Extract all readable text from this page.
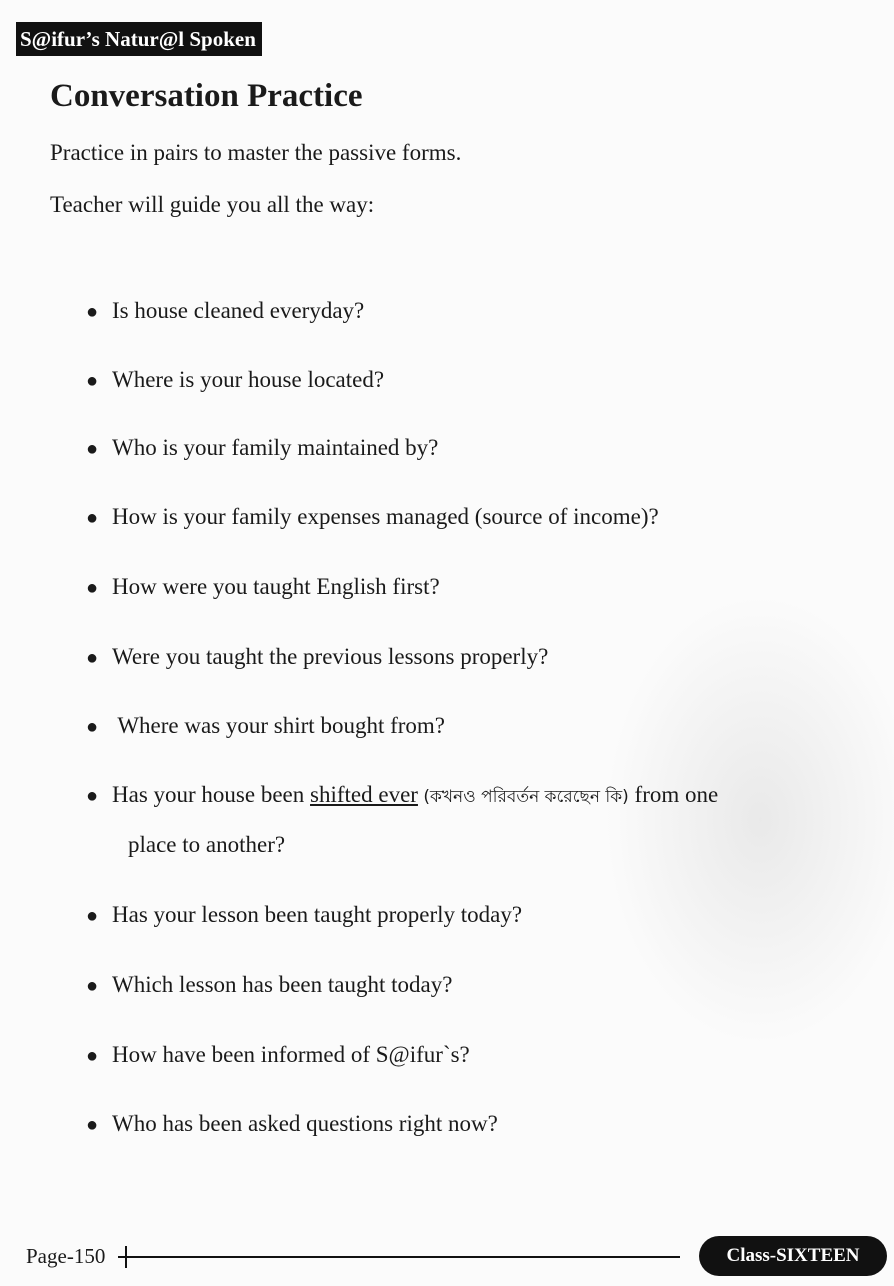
S@ifur’s Natur@l Spoken
Conversation Practice

Practice in pairs to master the passive forms.

Teacher will guide you all the way:

● Is house cleaned everyday?
● Where is your house located?
● Who is your family maintained by?
● How is your family expenses managed (source of income)?
● How were you taught English first?
● Were you taught the previous lessons properly?
● Where was your shirt bought from?
● Has your house been shifted ever (কখনও পরিবর্তন করেছেন কি) from one
place to another?
● Has your lesson been taught properly today?
● Which lesson has been taught today?
● How have been informed of S@ifur`s?
● Who has been asked questions right now?
Page-150	Class-SIXTEEN
